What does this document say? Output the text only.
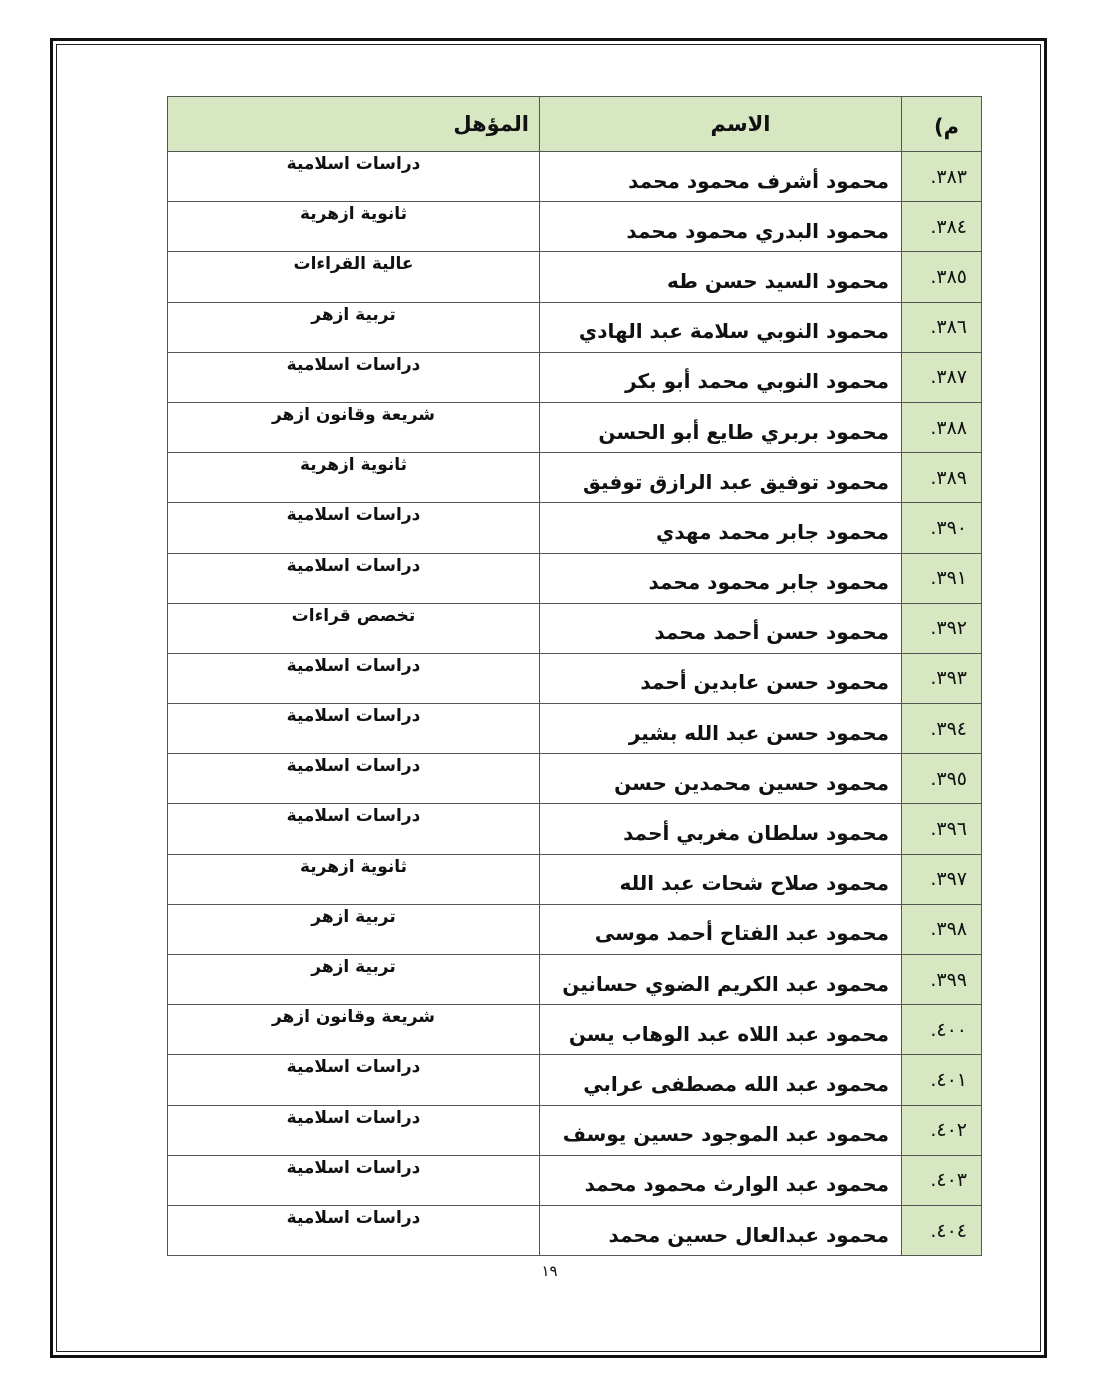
م)	الاسم	المؤهل
٣٨٣.	محمود أشرف محمود محمد	دراسات اسلامية
٣٨٤.	محمود البدري محمود محمد	ثانوية ازهرية
٣٨٥.	محمود السيد حسن طه	عالية القراءات
٣٨٦.	محمود النوبي سلامة عبد الهادي	تربية ازهر
٣٨٧.	محمود النوبي محمد أبو بكر	دراسات اسلامية
٣٨٨.	محمود بربري طايع أبو الحسن	شريعة وقانون ازهر
٣٨٩.	محمود توفيق عبد الرازق توفيق	ثانوية ازهرية
٣٩٠.	محمود جابر محمد مهدي	دراسات اسلامية
٣٩١.	محمود جابر محمود محمد	دراسات اسلامية
٣٩٢.	محمود حسن أحمد محمد	تخصص قراءات
٣٩٣.	محمود حسن عابدين أحمد	دراسات اسلامية
٣٩٤.	محمود حسن عبد الله بشير	دراسات اسلامية
٣٩٥.	محمود حسين محمدين حسن	دراسات اسلامية
٣٩٦.	محمود سلطان مغربي أحمد	دراسات اسلامية
٣٩٧.	محمود صلاح شحات عبد الله	ثانوية ازهرية
٣٩٨.	محمود عبد الفتاح أحمد موسى	تربية ازهر
٣٩٩.	محمود عبد الكريم الضوي حسانين	تربية ازهر
٤٠٠.	محمود عبد اللاه عبد الوهاب يسن	شريعة وقانون ازهر
٤٠١.	محمود عبد الله مصطفى عرابي	دراسات اسلامية
٤٠٢.	محمود عبد الموجود حسين يوسف	دراسات اسلامية
٤٠٣.	محمود عبد الوارث محمود محمد	دراسات اسلامية
٤٠٤.	محمود عبدالعال حسين محمد	دراسات اسلامية
١٩
